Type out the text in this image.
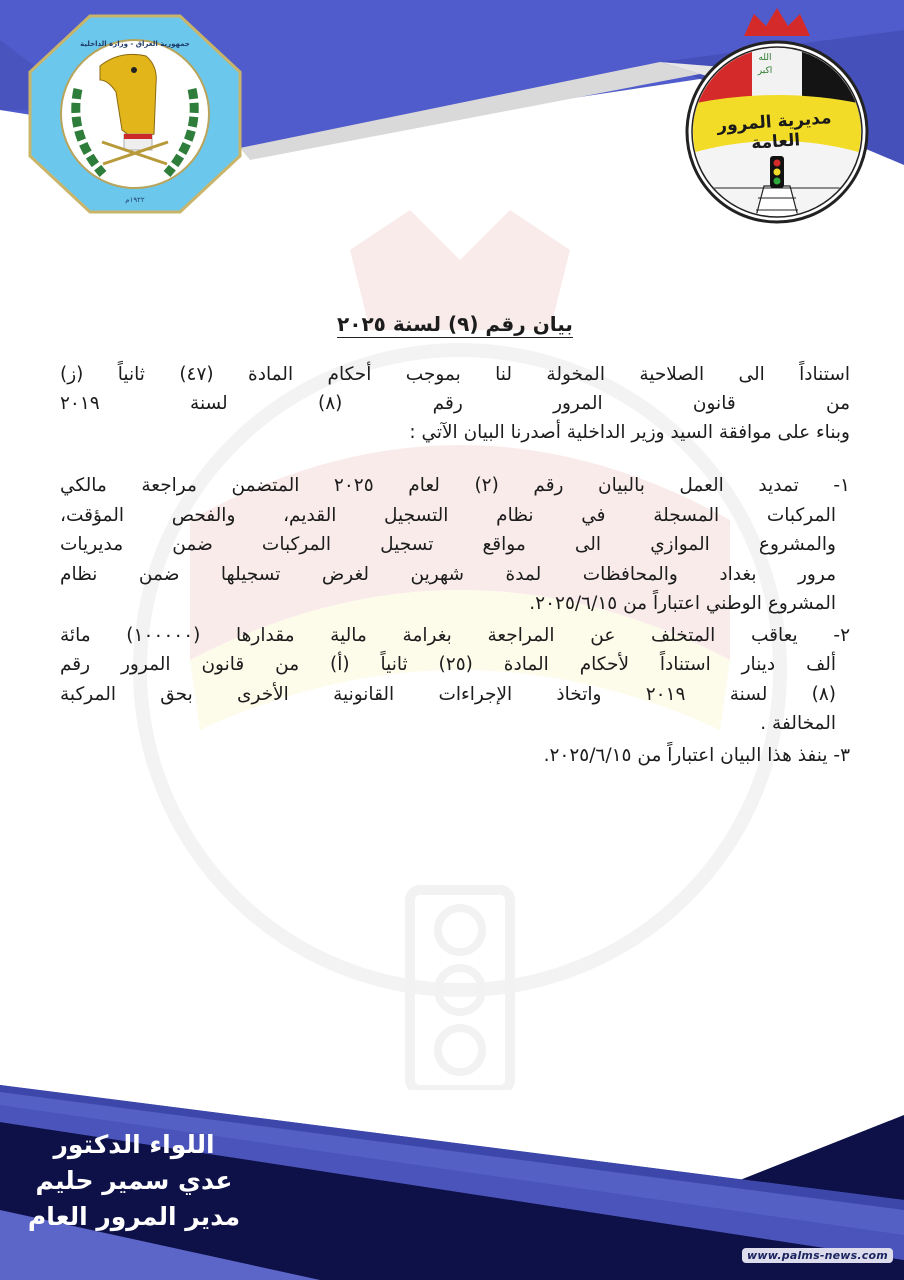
جمهورية العراق - وزارة الداخلية
١٩٢٢م
الله
اكبر
مديرية المرور العامة
بيان رقم (٩) لسنة ٢٠٢٥
استناداً الى الصلاحية المخولة لنا بموجب أحكام المادة (٤٧) ثانياً (ز)
من قانون المرور رقم (٨) لسنة ٢٠١٩
وبناء على موافقة السيد وزير الداخلية أصدرنا البيان الآتي :
١- تمديد العمل بالبيان رقم (٢) لعام ٢٠٢٥ المتضمن مراجعة مالكي
المركبات المسجلة في نظام التسجيل القديم، والفحص المؤقت،
والمشروع الموازي الى مواقع تسجيل المركبات ضمن مديريات
مرور بغداد والمحافظات لمدة شهرين لغرض تسجيلها ضمن نظام
المشروع الوطني اعتباراً من ٢٠٢٥/٦/١٥.
٢- يعاقب المتخلف عن المراجعة بغرامة مالية مقدارها (١٠٠٠٠٠) مائة
ألف دينار استناداً لأحكام المادة (٢٥) ثانياً (أ) من قانون المرور رقم
(٨) لسنة ٢٠١٩ واتخاذ الإجراءات القانونية الأخرى بحق المركبة
المخالفة .
٣- ينفذ هذا البيان اعتباراً من ٢٠٢٥/٦/١٥.
اللواء الدكتور
عدي سمير حليم
مدير المرور العام
www.palms-news.com
